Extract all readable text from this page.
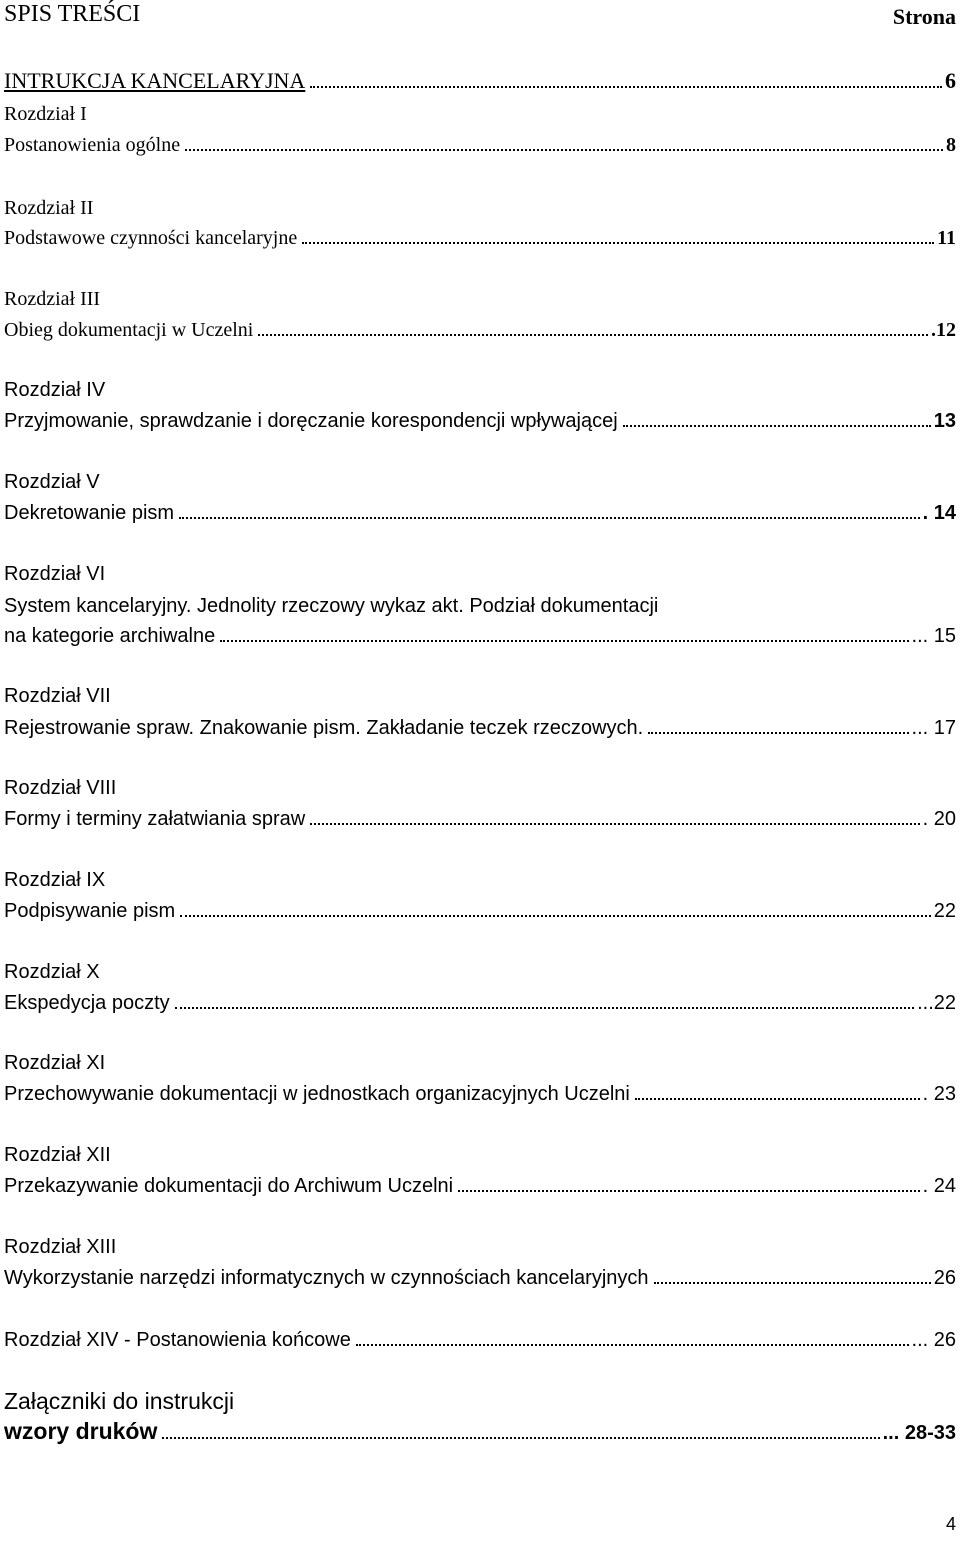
SPIS TREŚCI	Strona
INTRUKCJA KANCELARYJNA	6
Rozdział I
Postanowienia ogólne	8
Rozdział II
Podstawowe czynności kancelaryjne	11
Rozdział III
Obieg dokumentacji w Uczelni	.12
Rozdział IV
Przyjmowanie, sprawdzanie i doręczanie korespondencji wpływającej	13
Rozdział V
Dekretowanie pism	. 14
Rozdział VI
System kancelaryjny. Jednolity rzeczowy wykaz akt. Podział dokumentacji
na kategorie archiwalne	... 15
Rozdział VII
Rejestrowanie spraw. Znakowanie pism. Zakładanie teczek rzeczowych.	... 17
Rozdział VIII
Formy i terminy załatwiania spraw	. 20
Rozdział IX
Podpisywanie pism	22
Rozdział X
Ekspedycja poczty	...22
Rozdział XI
Przechowywanie dokumentacji w jednostkach organizacyjnych Uczelni	. 23
Rozdział XII
Przekazywanie dokumentacji do Archiwum Uczelni	. 24
Rozdział XIII
Wykorzystanie narzędzi informatycznych w czynnościach kancelaryjnych	26
Rozdział XIV - Postanowienia końcowe	... 26
Załączniki do instrukcji
wzory druków	... 28-33
4
